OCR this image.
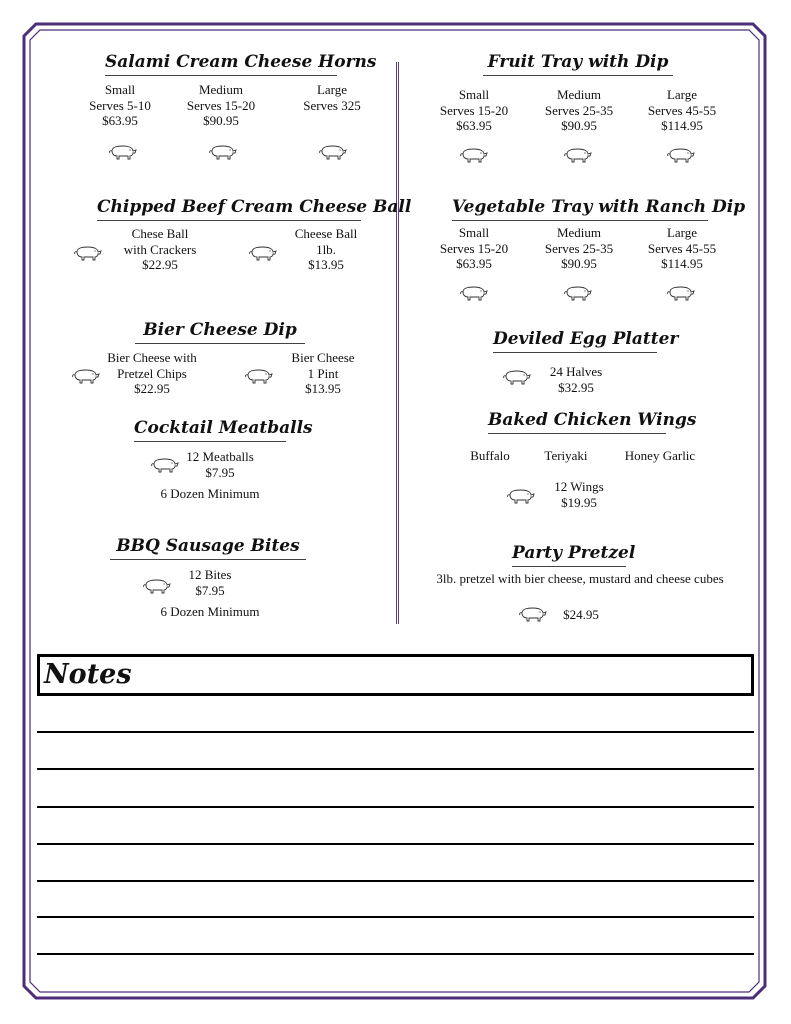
Salami Cream Cheese Horns
Small
Serves 5-10
$63.95
Medium
Serves 15-20
$90.95
Large
Serves 325
Chipped Beef Cream Cheese Ball
Chese Ball
with Crackers
$22.95
Cheese Ball
1lb.
$13.95
Bier Cheese Dip
Bier Cheese with
Pretzel Chips
$22.95
Bier Cheese
1 Pint
$13.95
Cocktail Meatballs
12 Meatballs
$7.95
6 Dozen Minimum
BBQ Sausage Bites
12 Bites
$7.95
6 Dozen Minimum
Fruit Tray with Dip
Small
Serves 15-20
$63.95
Medium
Serves 25-35
$90.95
Large
Serves 45-55
$114.95
Vegetable Tray with Ranch Dip
Small
Serves 15-20
$63.95
Medium
Serves 25-35
$90.95
Large
Serves 45-55
$114.95
Deviled Egg Platter
24 Halves
$32.95
Baked Chicken Wings
Buffalo	Teriyaki	Honey Garlic
12 Wings
$19.95
Party Pretzel
3lb. pretzel with bier cheese, mustard and cheese cubes
$24.95
Notes
